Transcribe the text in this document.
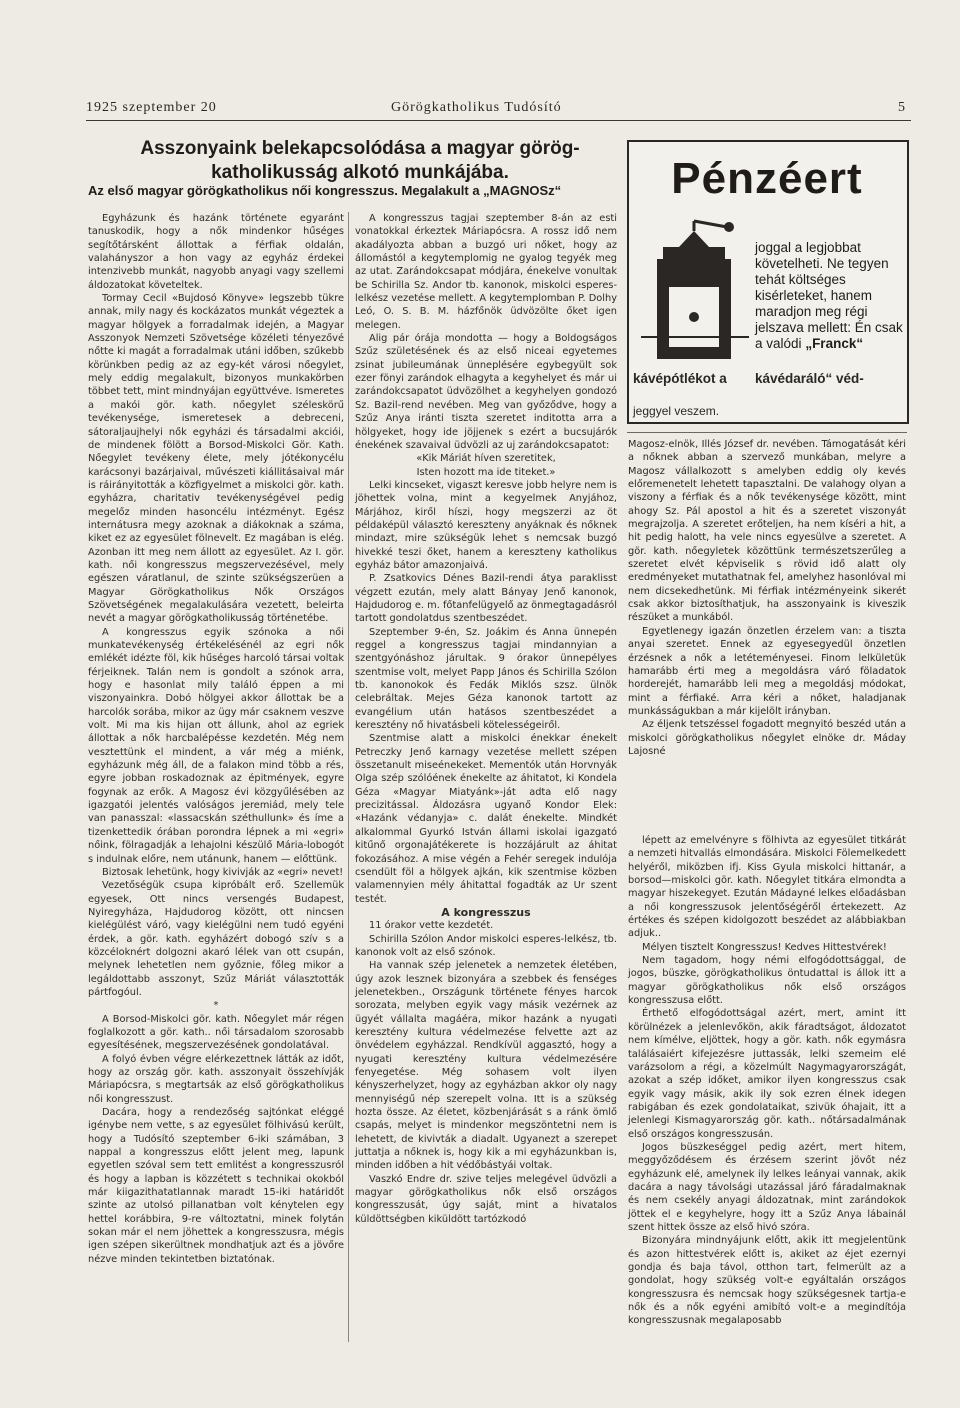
1925 szeptember 20	Görögkatholikus Tudósító	5
Asszonyaink belekapcsolódása a magyar görög-katholikusság alkotó munkájába.
Az első magyar görögkatholikus női kongresszus. Megalakult a „MAGNOSz“

Egyházunk és hazánk története egyaránt tanuskodik, hogy a nők mindenkor hűséges segítőtársként állottak a férfiak oldalán, valahányszor a hon vagy az egyház érdekei intenzivebb munkát, nagyobb anyagi vagy szellemi áldozatokat követeltek.

Tormay Cecil «Bujdosó Könyve» legszebb tükre annak, mily nagy és kockázatos munkát végeztek a magyar hölgyek a forradalmak idején, a Magyar Asszonyok Nemzeti Szövetsége közéleti tényezővé nőtte ki magát a forradalmak utáni időben, szűkebb körünkben pedig az az egy-két városi nőegylet, mely eddig megalakult, bizonyos munkakörben többet tett, mint mindnyájan együttvéve. Ismeretes a makói gör. kath. nőegylet széleskörű tevékenysége, ismeretesek a debreceni, sátoraljaujhelyi nők egyházi és társadalmi akciói, de mindenek fölött a Borsod-Miskolci Gör. Kath. Nőegylet tevékeny élete, mely jótékonycélu karácsonyi bazárjaival, művészeti kiállitásaival már is ráirányitották a közfigyelmet a miskolci gör. kath. egyházra, charitativ tevékenységével pedig megelőz minden hasoncélu intézményt. Egész internátusra megy azoknak a diákoknak a száma, kiket ez az egyesület fölnevelt. Ez magában is elég. Azonban itt meg nem állott az egyesület. Az I. gör. kath. női kongresszus megszervezésével, mely egészen váratlanul, de szinte szükségszerüen a Magyar Görögkatholikus Nők Országos Szövetségének megalakulására vezetett, beleirta nevét a magyar görögkatholikusság történetébe.

A kongresszus egyik szónoka a női munkatevékenység értékelésénél az egri nők emlékét idézte föl, kik hűséges harcoló társai voltak férjeiknek. Talán nem is gondolt a szónok arra, hogy e hasonlat mily találó éppen a mi viszonyainkra. Dobó hölgyei akkor állottak be a harcolók sorába, mikor az ügy már csaknem veszve volt. Mi ma kis hijan ott állunk, ahol az egriek állottak a nők harcbalépésse kezdetén. Még nem vesztettünk el mindent, a vár még a miénk, egyházunk még áll, de a falakon mind több a rés, egyre jobban roskadoznak az épitmények, egyre fogynak az erők. A Magosz évi közgyűlésében az igazgatói jelentés valóságos jeremiád, mely tele van panasszal: «lassacskán széthullunk» és íme a tizenkettedik órában porondra lépnek a mi «egri» nőink, fölragadják a lehajolni készülő Mária-lobogót s indulnak előre, nem utánunk, hanem — előttünk.

Biztosak lehetünk, hogy kivivják az «egri» nevet!

Vezetőségük csupa kipróbált erő. Szellemük egyesek, Ott nincs versengés Budapest, Nyiregyháza, Hajdudorog között, ott nincsen kielégülést váró, vagy kielégülni nem tudó egyéni érdek, a gör. kath. egyházért dobogó szív s a közcéloknért dolgozni akaró lélek van ott csupán, melynek lehetetlen nem győznie, főleg mikor a legáldottabb asszonyt, Szűz Máriát választották pártfogóul.

*

A Borsod-Miskolci gör. kath. Nőegylet már régen foglalkozott a gör. kath.. női társadalom szorosabb egyesítésének, megszervezésének gondolatával.

A folyó évben végre elérkezettnek látták az időt, hogy az ország gör. kath. asszonyait összehívják Máriapócsra, s megtartsák az első görögkatholikus női kongresszust.

Dacára, hogy a rendezőség sajtónkat eléggé igénybe nem vette, s az egyesület fölhivású került, hogy a Tudósító szeptember 6-iki számában, 3 nappal a kongresszus előtt jelent meg, lapunk egyetlen szóval sem tett emlitést a kongresszusról és hogy a lapban is közzétett s technikai okokból már kiigazithatatlannak maradt 15-iki határidőt szinte az utolsó pillanatban volt kénytelen egy hettel korábbira, 9-re változtatni, minek folytán sokan már el nem jöhettek a kongresszusra, mégis igen szépen sikerültnek mondhatjuk azt és a jövőre nézve minden tekintetben biztatónak.

A kongresszus tagjai szeptember 8-án az esti vonatokkal érkeztek Máriapócsra. A rossz idő nem akadályozta abban a buzgó uri nőket, hogy az állomástól a kegytemplomig ne gyalog tegyék meg az utat. Zarándokcsapat módjára, énekelve vonultak be Schirilla Sz. Andor tb. kanonok, miskolci esperes-lelkész vezetése mellett. A kegytemplomban P. Dolhy Leó, O. S. B. M. házfőnök üdvözölte őket igen melegen.

Alig pár órája mondotta — hogy a Boldogságos Szűz születésének és az első niceai egyetemes zsinat jubileumának ünneplésére egybegyült sok ezer fönyi zarándok elhagyta a kegyhelyet és már ui zarándokcsapatot üdvözölhet a kegyhelyen gondozó Sz. Bazil-rend nevében. Meg van győződve, hogy a Szűz Anya iránti tiszta szeretet inditotta arra a hölgyeket, hogy ide jöjjenek s ezért a bucsujárók énekének szavaival üdvözli az uj zarándokcsapatot:

«Kik Máriát híven szeretitek,

Isten hozott ma ide titeket.»

Lelki kincseket, vigaszt keresve jobb helyre nem is jöhettek volna, mint a kegyelmek Anyjához, Márjához, kiről híszi, hogy megszerzi az öt példaképül választó kereszteny anyáknak és nőknek mindazt, mire szükségük lehet s nemcsak buzgó hivekké teszi őket, hanem a kereszteny katholikus egyház bátor amazonjaivá.

P. Zsatkovics Dénes Bazil-rendi átya paraklisst végzett ezután, mely alatt Bányay Jenő kanonok, Hajdudorog e. m. főtanfelügyelő az önmegtagadásról tartott gondolatdus szentbeszédet.

Szeptember 9-én, Sz. Joákim és Anna ünnepén reggel a kongresszus tagjai mindannyian a szentgyónáshoz járultak. 9 órakor ünnepélyes szentmise volt, melyet Papp János és Schirilla Szólon tb. kanonokok és Fedák Miklós szsz. ülnök celebráltak. Mejes Géza kanonok tartott az evangélium után hatásos szentbeszédet a keresztény nő hivatásbeli kötelességeiről.

Szentmise alatt a miskolci énekkar énekelt Petreczky Jenő karnagy vezetése mellett szépen összetanult miseénekeket. Mementók után Horvnyák Olga szép szólóének énekelte az áhitatot, ki Kondela Géza «Magyar Miatyánk»-ját adta elő nagy precizitással. Áldozásra ugyanő Kondor Elek: «Hazánk védanyja» c. dalát énekelte. Mindkét alkalommal Gyurkó István állami iskolai igazgató kitűnő orgonajátékerete is hozzájárult az áhitat fokozásához. A mise végén a Fehér seregek indulója csendült föl a hölgyek ajkán, kik szentmise közben valamennyien mély áhitattal fogadták az Ur szent testét.

A kongresszus

11 órakor vette kezdetét.

Schirilla Szólon Andor miskolci esperes-lelkész, tb. kanonok volt az első szónok.

Ha vannak szép jelenetek a nemzetek életében, úgy azok lesznek bizonyára a szebbek és fenséges jelenetekben., Országunk története fényes harcok sorozata, melyben egyik vagy másik vezérnek az ügyét vállalta magáéra, mikor hazánk a nyugati keresztény kultura védelmezése felvette azt az önvédelem egyházzal. Rendkívül aggasztó, hogy a nyugati keresztény kultura védelmezésére fenyegetése. Még sohasem volt ilyen kényszerhelyzet, hogy az egyházban akkor oly nagy mennyiségű nép szerepelt volna. Itt is a szükség hozta össze. Az életet, közbenjárását s a ránk ömlő csapás, melyet is mindenkor megszöntetni nem is lehetett, de kivivták a diadalt. Ugyanezt a szerepet juttatja a nőknek is, hogy kik a mi egyházunkban is, minden időben a hit védőbástyái voltak.

Vaszkó Endre dr. szive teljes melegével üdvözli a magyar görögkatholikus nők első országos kongresszusát, úgy saját, mint a hivatalos küldöttségben kiküldött tartózkodó

Pénzéert
joggal a legjobbat követelheti. Ne tegyen tehát költséges kisérleteket, hanem maradjon meg régi jelszava mellett: Én csak a valódi „Franck“
kávépótlékot a kávédaráló“ véd-
jeggyel veszem.

Magosz-elnök, Illés József dr. nevében. Támogatását kéri a nőknek abban a szervező munkában, melyre a Magosz vállalkozott s amelyben eddig oly kevés előremenetelt lehetett tapasztalni. De valahogy olyan a viszony a férfiak és a nők tevékenysége között, mint ahogy Sz. Pál apostol a hit és a szeretet viszonyát megrajzolja. A szeretet erőteljen, ha nem kíséri a hit, a hit pedig halott, ha vele nincs egyesülve a szeretet. A gör. kath. nőegyletek közöttünk természetszerűleg a szeretet elvét képviselik s rövid idő alatt oly eredményeket mutathatnak fel, amelyhez hasonlóval mi nem dicsekedhetünk. Mi férfiak intézményeink sikerét csak akkor biztosíthatjuk, ha asszonyaink is kiveszik részüket a munkából.

Egyetlenegy igazán önzetlen érzelem van: a tiszta anyai szeretet. Ennek az egyesegyedül önzetlen érzésnek a nők a letéteményesei. Finom lelkületük hamarább érti meg a megoldásra váró föladatok horderejét, hamarább leli meg a megoldásj módokat, mint a férfiaké. Arra kéri a nőket, haladjanak munkásságukban a már kijelölt irányban.

Az éljenk tetszéssel fogadott megnyitó beszéd után a miskolci görögkatholikus nőegylet elnöke dr. Máday Lajosné

lépett az emelvényre s fölhivta az egyesület titkárát a nemzeti hitvallás elmondására. Miskolci Fölemelkedett helyéről, miközben ifj. Kiss Gyula miskolci hittanár, a borsod—miskolci gör. kath. Nőegylet titkára elmondta a magyar hiszekegyet. Ezután Mádayné lelkes előadásban a női kongresszusok jelentőségéről értekezett. Az értékes és szépen kidolgozott beszédet az alábbiakban adjuk..

Mélyen tisztelt Kongresszus! Kedves Hittestvérek!

Nem tagadom, hogy némi elfogódottsággal, de jogos, büszke, görögkatholikus öntudattal is állok itt a magyar görögkatholikus nők első országos kongresszusa előtt.

Érthető elfogódottságal azért, mert, amint itt körülnézek a jelenlevőkön, akik fáradtságot, áldozatot nem kímélve, eljöttek, hogy a gör. kath. nők egymásra találásaiért kifejezésre juttassák, lelki szemeim elé varázsolom a régi, a közelmúlt Nagymagyarországát, azokat a szép időket, amikor ilyen kongresszus csak egyik vagy másik, akik ily sok ezren élnek idegen rabigában és ezek gondolataikat, szivük óhajait, itt a jelenlegi Kismagyarország gör. kath.. nőtársadalmának első országos kongresszusán.

Jogos büszkeséggel pedig azért, mert hitem, meggyőződésem és érzésem szerint jövőt néz egyházunk elé, amelynek ily lelkes leányai vannak, akik dacára a nagy távolsági utazással járó fáradalmaknak és nem csekély anyagi áldozatnak, mint zarándokok jöttek el e kegyhelyre, hogy itt a Szűz Anya lábainál szent hittek össze az első hivó szóra.

Bizonyára mindnyájunk előtt, akik itt megjelentünk és azon hittestvérek előtt is, akiket az éjet ezernyi gondja és baja távol, otthon tart, felmerült az a gondolat, hogy szükség volt-e egyáltalán országos kongresszusra és nemcsak hogy szükségesnek tartja-e nők és a nők egyéni amibító volt-e a megindítója kongresszusnak megalaposabb
